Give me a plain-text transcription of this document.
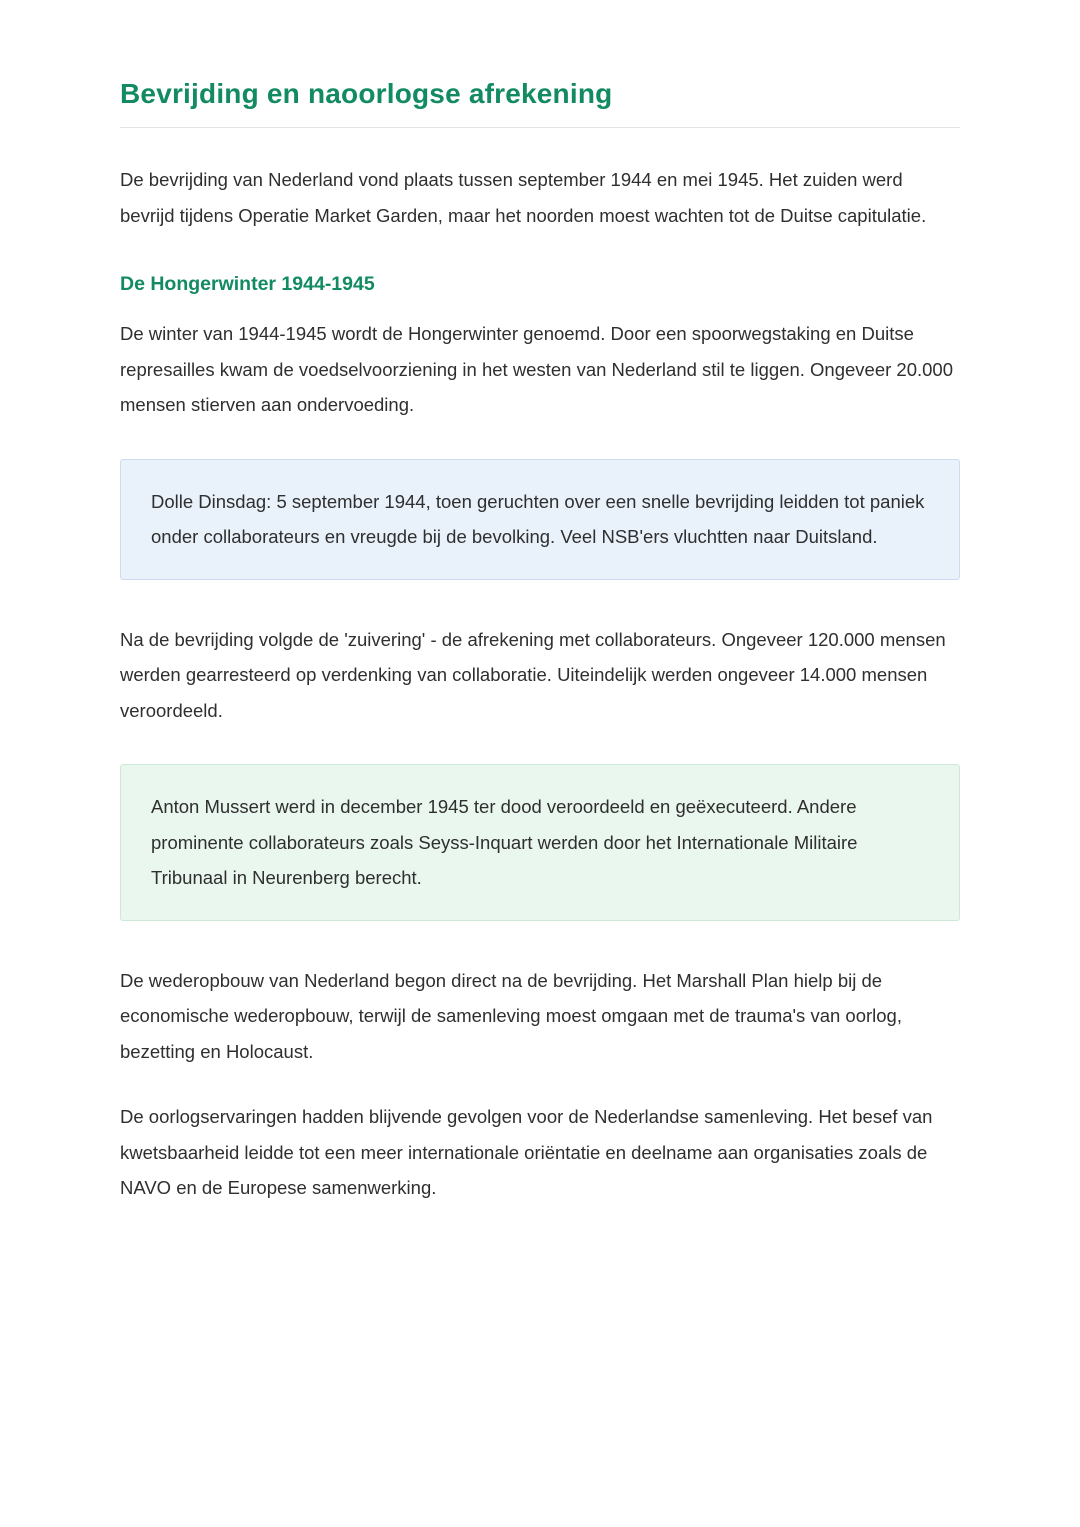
Bevrijding en naoorlogse afrekening

De bevrijding van Nederland vond plaats tussen september 1944 en mei 1945. Het zuiden werd bevrijd tijdens Operatie Market Garden, maar het noorden moest wachten tot de Duitse capitulatie.

De Hongerwinter 1944-1945

De winter van 1944-1945 wordt de Hongerwinter genoemd. Door een spoorwegstaking en Duitse represailles kwam de voedselvoorziening in het westen van Nederland stil te liggen. Ongeveer 20.000 mensen stierven aan ondervoeding.

Dolle Dinsdag: 5 september 1944, toen geruchten over een snelle bevrijding leidden tot paniek onder collaborateurs en vreugde bij de bevolking. Veel NSB'ers vluchtten naar Duitsland.

Na de bevrijding volgde de 'zuivering' - de afrekening met collaborateurs. Ongeveer 120.000 mensen werden gearresteerd op verdenking van collaboratie. Uiteindelijk werden ongeveer 14.000 mensen veroordeeld.

Anton Mussert werd in december 1945 ter dood veroordeeld en geëxecuteerd. Andere prominente collaborateurs zoals Seyss-Inquart werden door het Internationale Militaire Tribunaal in Neurenberg berecht.

De wederopbouw van Nederland begon direct na de bevrijding. Het Marshall Plan hielp bij de economische wederopbouw, terwijl de samenleving moest omgaan met de trauma's van oorlog, bezetting en Holocaust.

De oorlogservaringen hadden blijvende gevolgen voor de Nederlandse samenleving. Het besef van kwetsbaarheid leidde tot een meer internationale oriëntatie en deelname aan organisaties zoals de NAVO en de Europese samenwerking.
